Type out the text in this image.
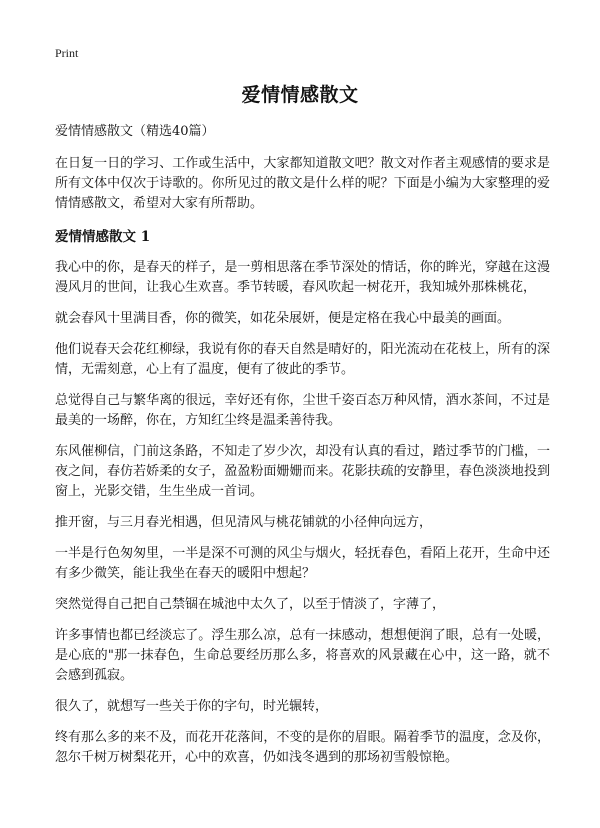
Print
爱情情感散文

爱情情感散文（精选40篇）

在日复一日的学习、工作或生活中，大家都知道散文吧？散文对作者主观感情的要求是所有文体中仅次于诗歌的。你所见过的散文是什么样的呢？下面是小编为大家整理的爱情情感散文，希望对大家有所帮助。

爱情情感散文 1

我心中的你，是春天的样子，是一剪相思落在季节深处的情话，你的眸光，穿越在这漫漫风月的世间，让我心生欢喜。季节转暖，春风吹起一树花开，我知城外那株桃花，

就会春风十里满目香，你的微笑，如花朵展妍，便是定格在我心中最美的画面。

他们说春天会花红柳绿，我说有你的春天自然是晴好的，阳光流动在花枝上，所有的深情，无需刻意，心上有了温度，便有了彼此的季节。

总觉得自己与繁华离的很远，幸好还有你，尘世千姿百态万种风情，酒水茶间，不过是最美的一场醉，你在，方知红尘终是温柔善待我。

东风催柳信，门前这条路，不知走了岁少次，却没有认真的看过，踏过季节的门槛，一夜之间，春仿若娇柔的女子，盈盈粉面姗姗而来。花影扶疏的安静里，春色淡淡地投到窗上，光影交错，生生坐成一首词。

推开窗，与三月春光相遇，但见清风与桃花铺就的小径伸向远方，

一半是行色匆匆里，一半是深不可测的风尘与烟火，轻抚春色，看陌上花开，生命中还有多少微笑，能让我坐在春天的暖阳中想起？

突然觉得自己把自己禁锢在城池中太久了，以至于情淡了，字薄了，

许多事情也都已经淡忘了。浮生那么凉，总有一抹感动，想想便润了眼，总有一处暖，是心底的"那一抹春色，生命总要经历那么多，将喜欢的风景藏在心中，这一路，就不会感到孤寂。

很久了，就想写一些关于你的字句，时光辗转，

终有那么多的来不及，而花开花落间，不变的是你的眉眼。隔着季节的温度，念及你，忽尔千树万树梨花开，心中的欢喜，仍如浅冬遇到的那场初雪般惊艳。
